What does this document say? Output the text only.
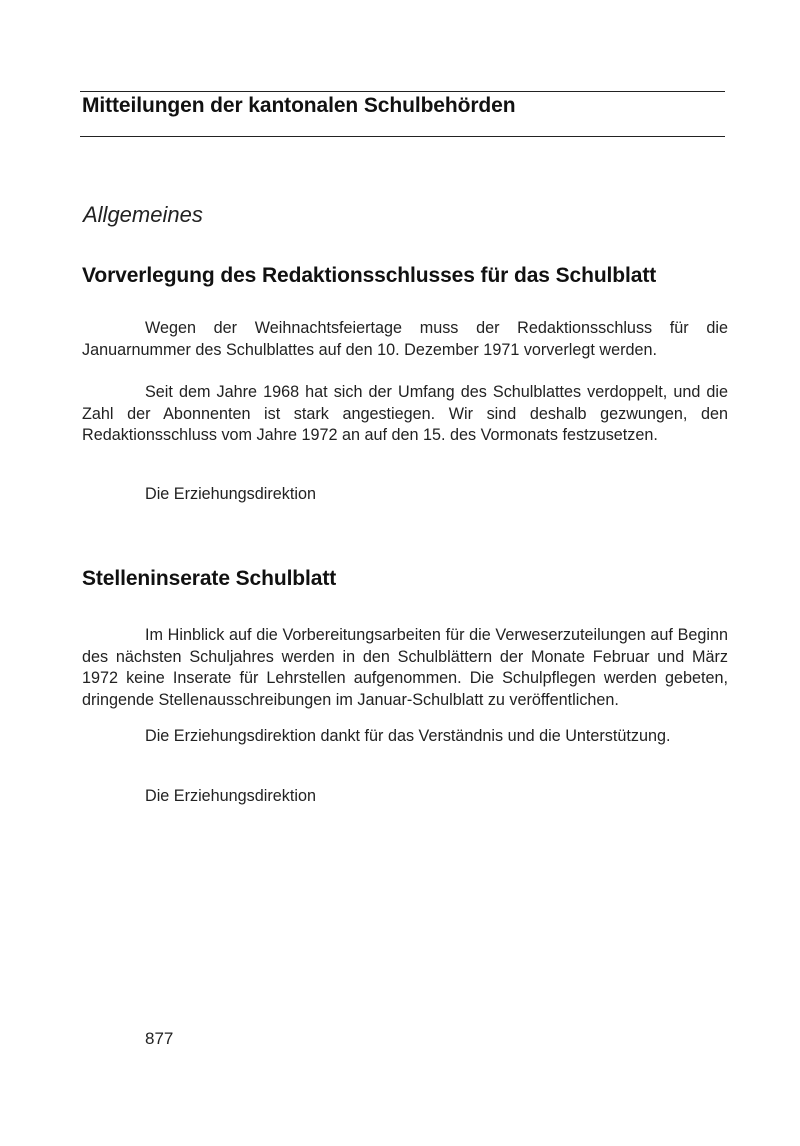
Mitteilungen der kantonalen Schulbehörden
Allgemeines
Vorverlegung des Redaktionsschlusses für das Schulblatt

Wegen der Weihnachtsfeiertage muss der Redaktionsschluss für die Januarnummer des Schulblattes auf den 10. Dezember 1971 vorverlegt werden.

Seit dem Jahre 1968 hat sich der Umfang des Schulblattes verdoppelt, und die Zahl der Abonnenten ist stark angestiegen. Wir sind deshalb gezwungen, den Redaktionsschluss vom Jahre 1972 an auf den 15. des Vormonats festzusetzen.

Die Erziehungsdirektion
Stelleninserate Schulblatt

Im Hinblick auf die Vorbereitungsarbeiten für die Verweserzuteilungen auf Beginn des nächsten Schuljahres werden in den Schulblättern der Monate Februar und März 1972 keine Inserate für Lehrstellen aufgenommen. Die Schulpflegen werden gebeten, dringende Stellenausschreibungen im Januar-Schulblatt zu veröffentlichen.

Die Erziehungsdirektion dankt für das Verständnis und die Unterstützung.

Die Erziehungsdirektion
877
